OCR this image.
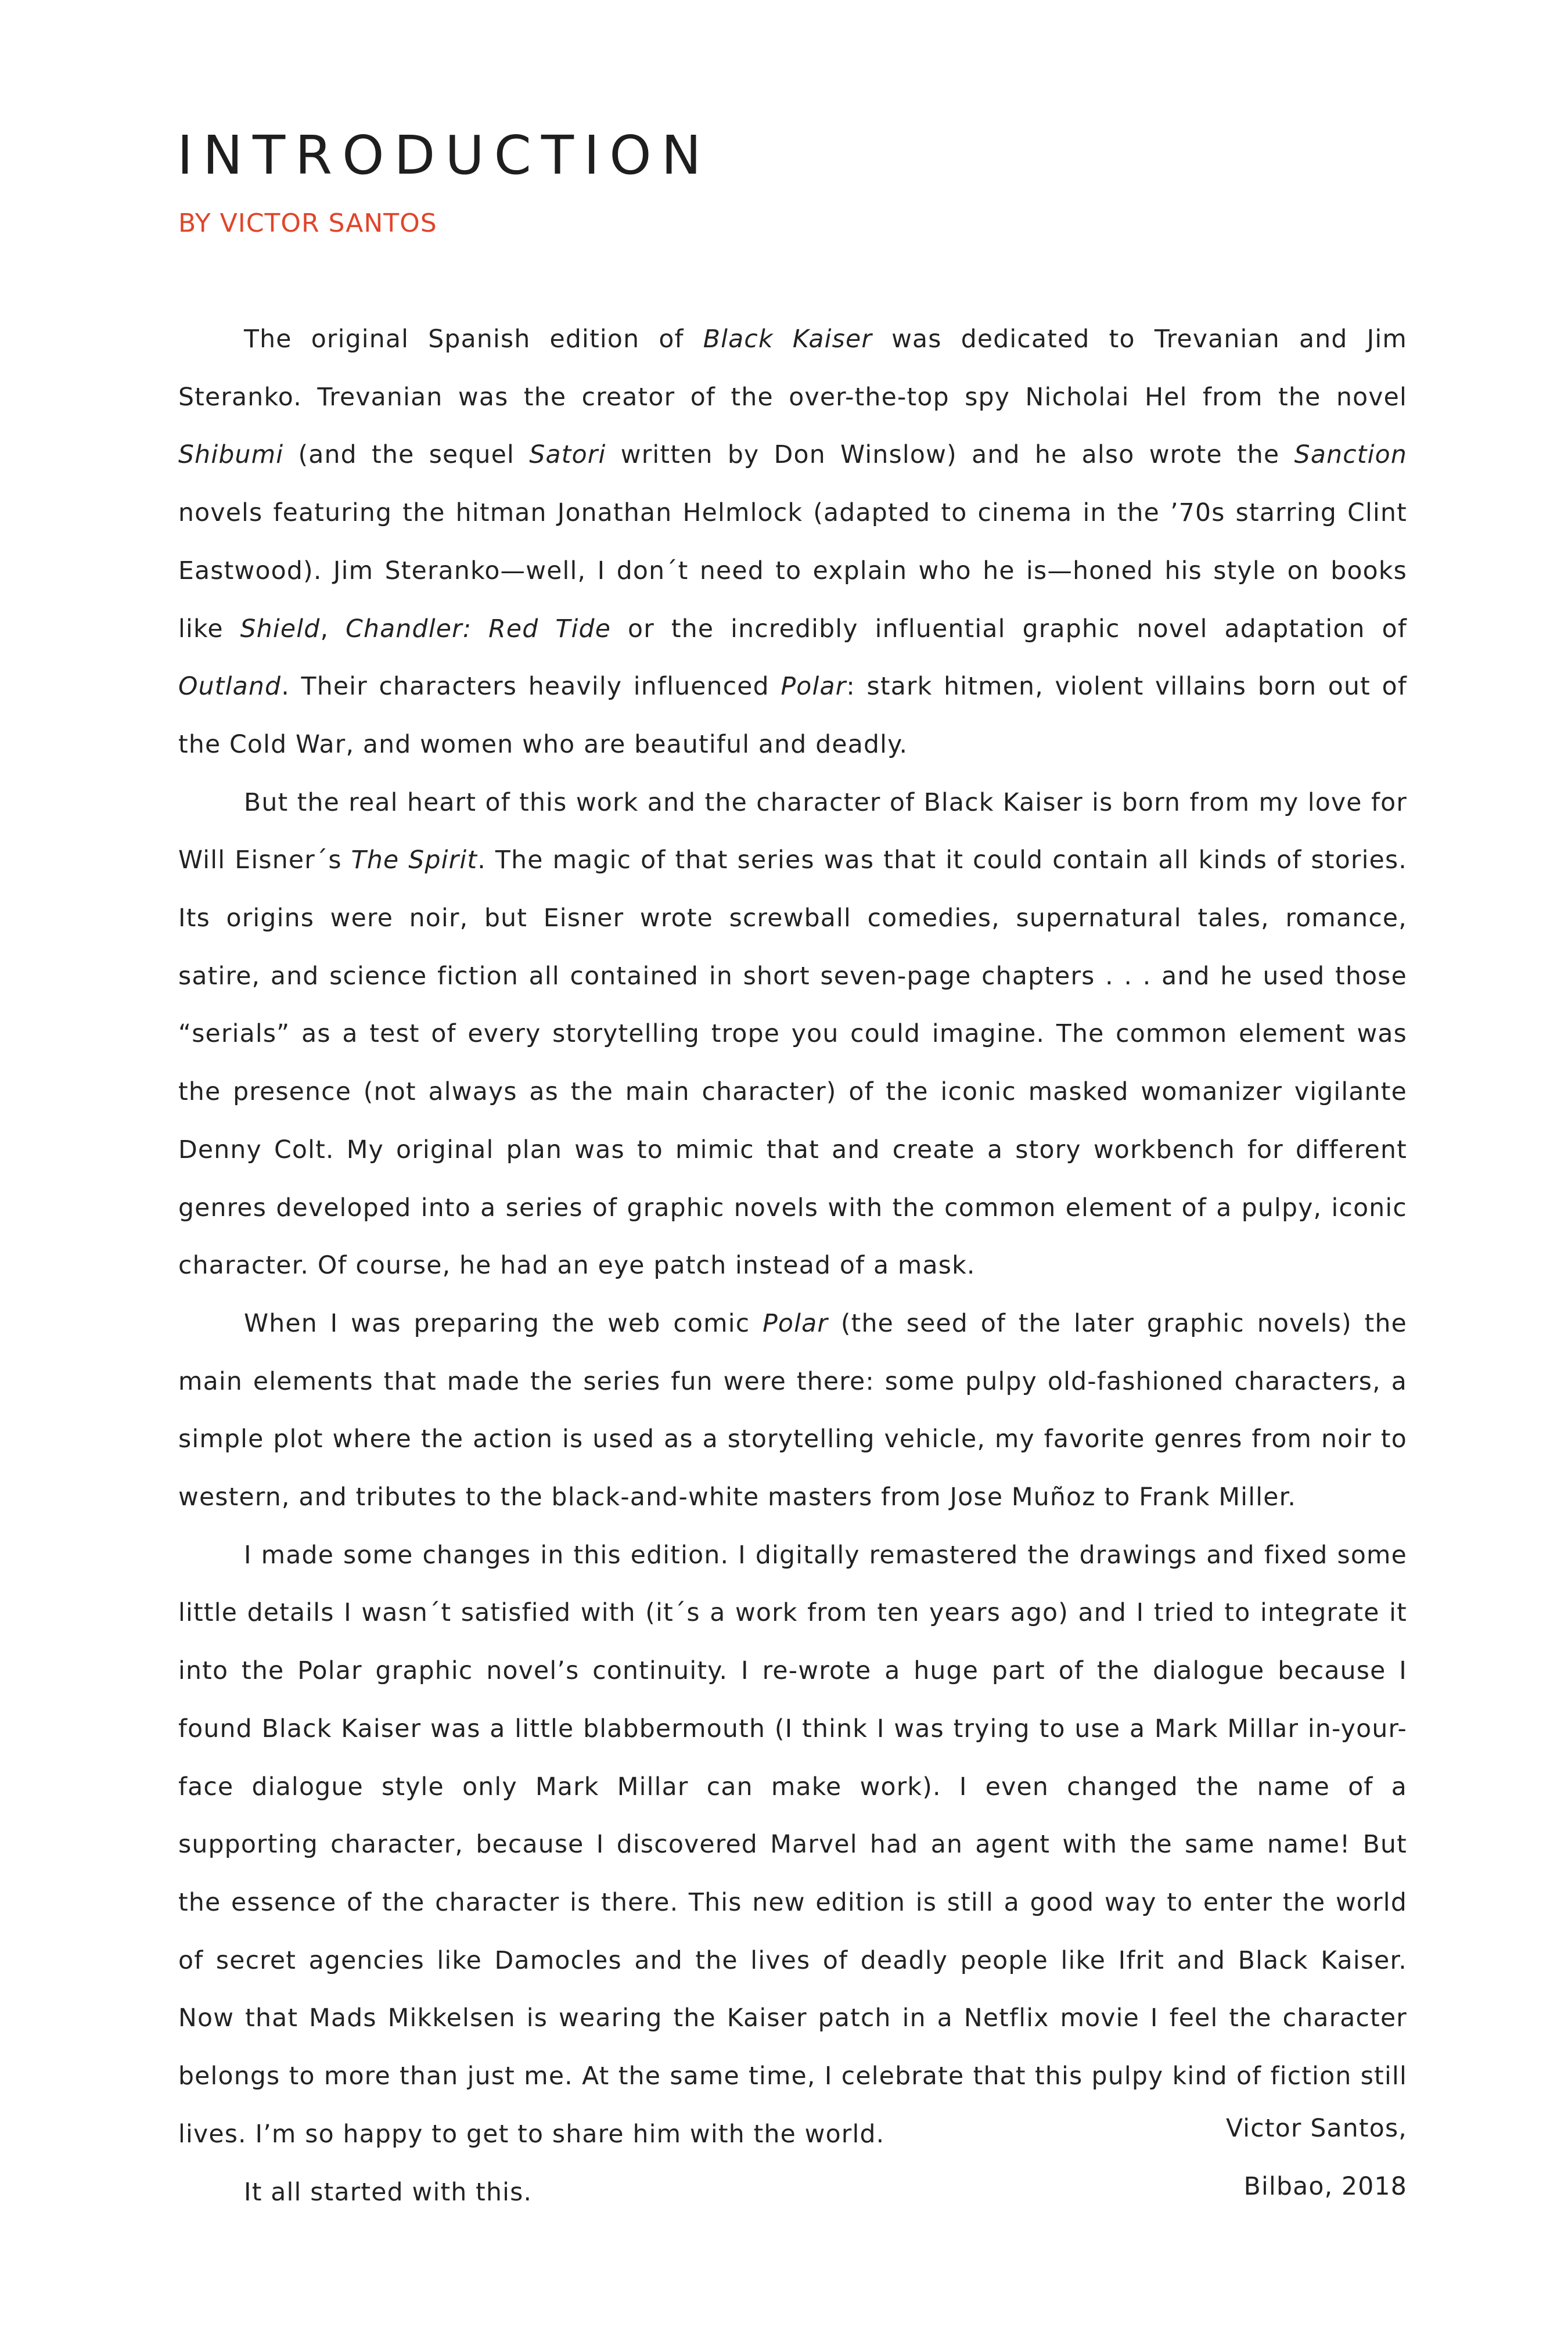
INTRODUCTION
BY VICTOR SANTOS

The original Spanish edition of Black Kaiser was dedicated to Trevanian and Jim Steranko. Trevanian was the creator of the over-the-top spy Nicholai Hel from the novel Shibumi (and the sequel Satori written by Don Winslow) and he also wrote the Sanction novels featuring the hitman Jonathan Helmlock (adapted to cinema in the ’70s starring Clint Eastwood). Jim Steranko—well, I don´t need to explain who he is—honed his style on books like Shield, Chandler: Red Tide or the incredibly influential graphic novel adaptation of Outland. Their characters heavily influenced Polar: stark hitmen, violent villains born out of the Cold War, and women who are beautiful and deadly.

But the real heart of this work and the character of Black Kaiser is born from my love for Will Eisner´s The Spirit. The magic of that series was that it could contain all kinds of stories. Its origins were noir, but Eisner wrote screwball comedies, supernatural tales, romance, satire, and science fiction all contained in short seven-page chapters . . . and he used those “serials” as a test of every storytelling trope you could imagine. The common element was the presence (not always as the main character) of the iconic masked womanizer vigilante Denny Colt. My original plan was to mimic that and create a story workbench for different genres developed into a series of graphic novels with the common element of a pulpy, iconic character. Of course, he had an eye patch instead of a mask.

When I was preparing the web comic Polar (the seed of the later graphic novels) the main elements that made the series fun were there: some pulpy old-fashioned characters, a simple plot where the action is used as a storytelling vehicle, my favorite genres from noir to western, and tributes to the black-and-white masters from Jose Muñoz to Frank Miller.

I made some changes in this edition. I digitally remastered the drawings and fixed some little details I wasn´t satisfied with (it´s a work from ten years ago) and I tried to integrate it into the Polar graphic novel’s continuity. I re-wrote a huge part of the dialogue because I found Black Kaiser was a little blabbermouth (I think I was trying to use a Mark Millar in-your-face dialogue style only Mark Millar can make work). I even changed the name of a supporting character, because I discovered Marvel had an agent with the same name! But the essence of the character is there. This new edition is still a good way to enter the world of secret agencies like Damocles and the lives of deadly people like Ifrit and Black Kaiser. Now that Mads Mikkelsen is wearing the Kaiser patch in a Netflix movie I feel the character belongs to more than just me. At the same time, I celebrate that this pulpy kind of fiction still lives. I’m so happy to get to share him with the world.

It all started with this.

Victor Santos,
Bilbao, 2018
